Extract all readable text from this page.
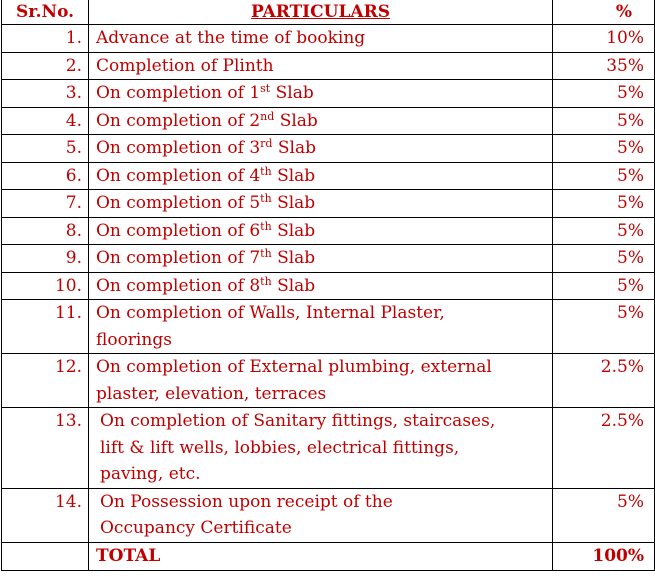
Sr.No.	PARTICULARS	%
1.	Advance at the time of booking	10%
2.	Completion of Plinth	35%
3.	On completion of 1st Slab	5%
4.	On completion of 2nd Slab	5%
5.	On completion of 3rd Slab	5%
6.	On completion of 4th Slab	5%
7.	On completion of 5th Slab	5%
8.	On completion of 6th Slab	5%
9.	On completion of 7th Slab	5%
10.	On completion of 8th Slab	5%
11.	On completion of Walls, Internal Plaster,
floorings	5%
12.	On completion of External plumbing, external
plaster, elevation, terraces	2.5%
13.	On completion of Sanitary fittings, staircases,
lift & lift wells, lobbies, electrical fittings,
paving, etc.	2.5%
14.	On Possession upon receipt of the
Occupancy Certificate	5%
	TOTAL	100%
